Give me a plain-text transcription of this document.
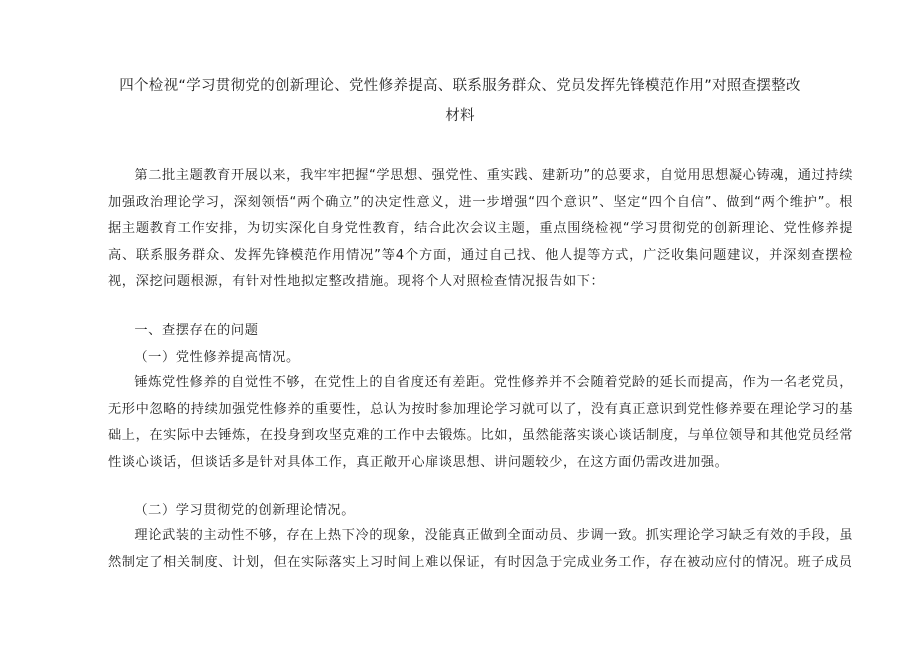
四个检视“学习贯彻党的创新理论、党性修养提高、联系服务群众、党员发挥先锋模范作用”对照查摆整改
材料

第二批主题教育开展以来，我牢牢把握“学思想、强党性、重实践、建新功”的总要求，自觉用思想凝心铸魂，通过持续加强政治理论学习，深刻领悟“两个确立”的决定性意义，进一步增强“四个意识”、坚定“四个自信”、做到“两个维护”。根据主题教育工作安排，为切实深化自身党性教育，结合此次会议主题，重点围绕检视“学习贯彻党的创新理论、党性修养提高、联系服务群众、发挥先锋模范作用情况”等4个方面，通过自己找、他人提等方式，广泛收集问题建议，并深刻查摆检视，深挖问题根源，有针对性地拟定整改措施。现将个人对照检查情况报告如下：

一、查摆存在的问题

（一）党性修养提高情况。

锤炼党性修养的自觉性不够，在党性上的自省度还有差距。党性修养并不会随着党龄的延长而提高，作为一名老党员，无形中忽略的持续加强党性修养的重要性，总认为按时参加理论学习就可以了，没有真正意识到党性修养要在理论学习的基础上，在实际中去锤炼，在投身到攻坚克难的工作中去锻炼。比如，虽然能落实谈心谈话制度，与单位领导和其他党员经常性谈心谈话，但谈话多是针对具体工作，真正敞开心扉谈思想、讲问题较少，在这方面仍需改进加强。

（二）学习贯彻党的创新理论情况。

理论武装的主动性不够，存在上热下冷的现象，没能真正做到全面动员、步调一致。抓实理论学习缺乏有效的手段，虽然制定了相关制度、计划，但在实际落实上习时间上难以保证，有时因急于完成业务工作，存在被动应付的情况。班子成员
